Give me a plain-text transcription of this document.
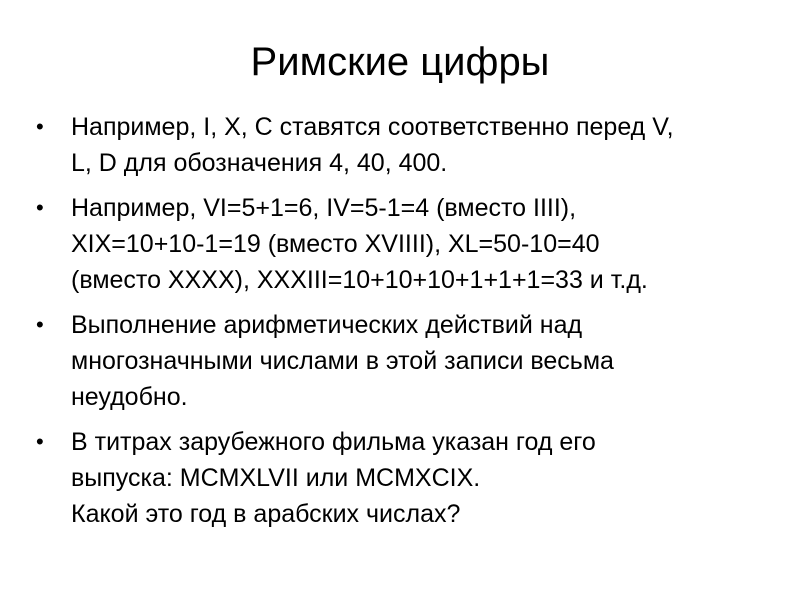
Римские цифры
• Например, I, X, C ставятся соответственно перед V,
L, D для обозначения 4, 40, 400.
• Например, VI=5+1=6, IV=5-1=4 (вместо IIII),
XIX=10+10-1=19 (вместо XVIIII), XL=50-10=40
(вместо XXXX), XXXIII=10+10+10+1+1+1=33 и т.д.
• Выполнение арифметических действий над
многозначными числами в этой записи весьма
неудобно.
• В титрах зарубежного фильма указан год его
выпуска: MCMXLVII или MCMXCIX.
Какой это год в арабских числах?
